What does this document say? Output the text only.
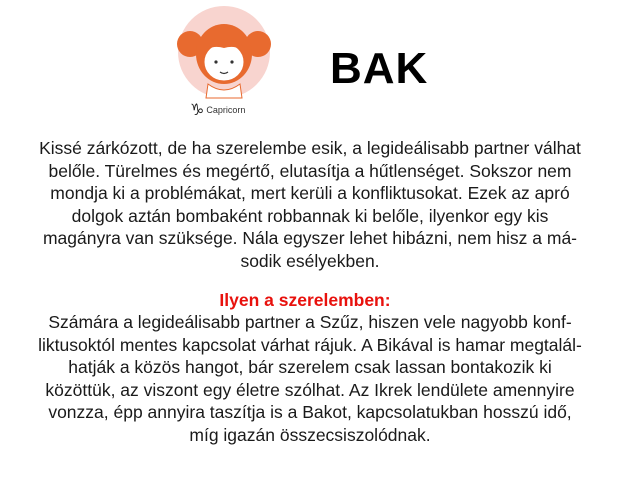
♑ Capricorn
BAK

Kissé zárkózott, de ha szerelembe esik, a legideálisabb partner válhat
belőle. Türelmes és megértő, elutasítja a hűtlenséget. Sokszor nem
mondja ki a problémákat, mert kerüli a konfliktusokat. Ezek az apró
dolgok aztán bombaként robbannak ki belőle, ilyenkor egy kis
magányra van szüksége. Nála egyszer lehet hibázni, nem hisz a má-
sodik esélyekben.

Ilyen a szerelemben:

Számára a legideálisabb partner a Szűz, hiszen vele nagyobb konf-
liktusoktól mentes kapcsolat várhat rájuk. A Bikával is hamar megtalál-
hatják a közös hangot, bár szerelem csak lassan bontakozik ki
közöttük, az viszont egy életre szólhat. Az Ikrek lendülete amennyire
vonzza, épp annyira taszítja is a Bakot, kapcsolatukban hosszú idő,
míg igazán összecsiszolódnak.
